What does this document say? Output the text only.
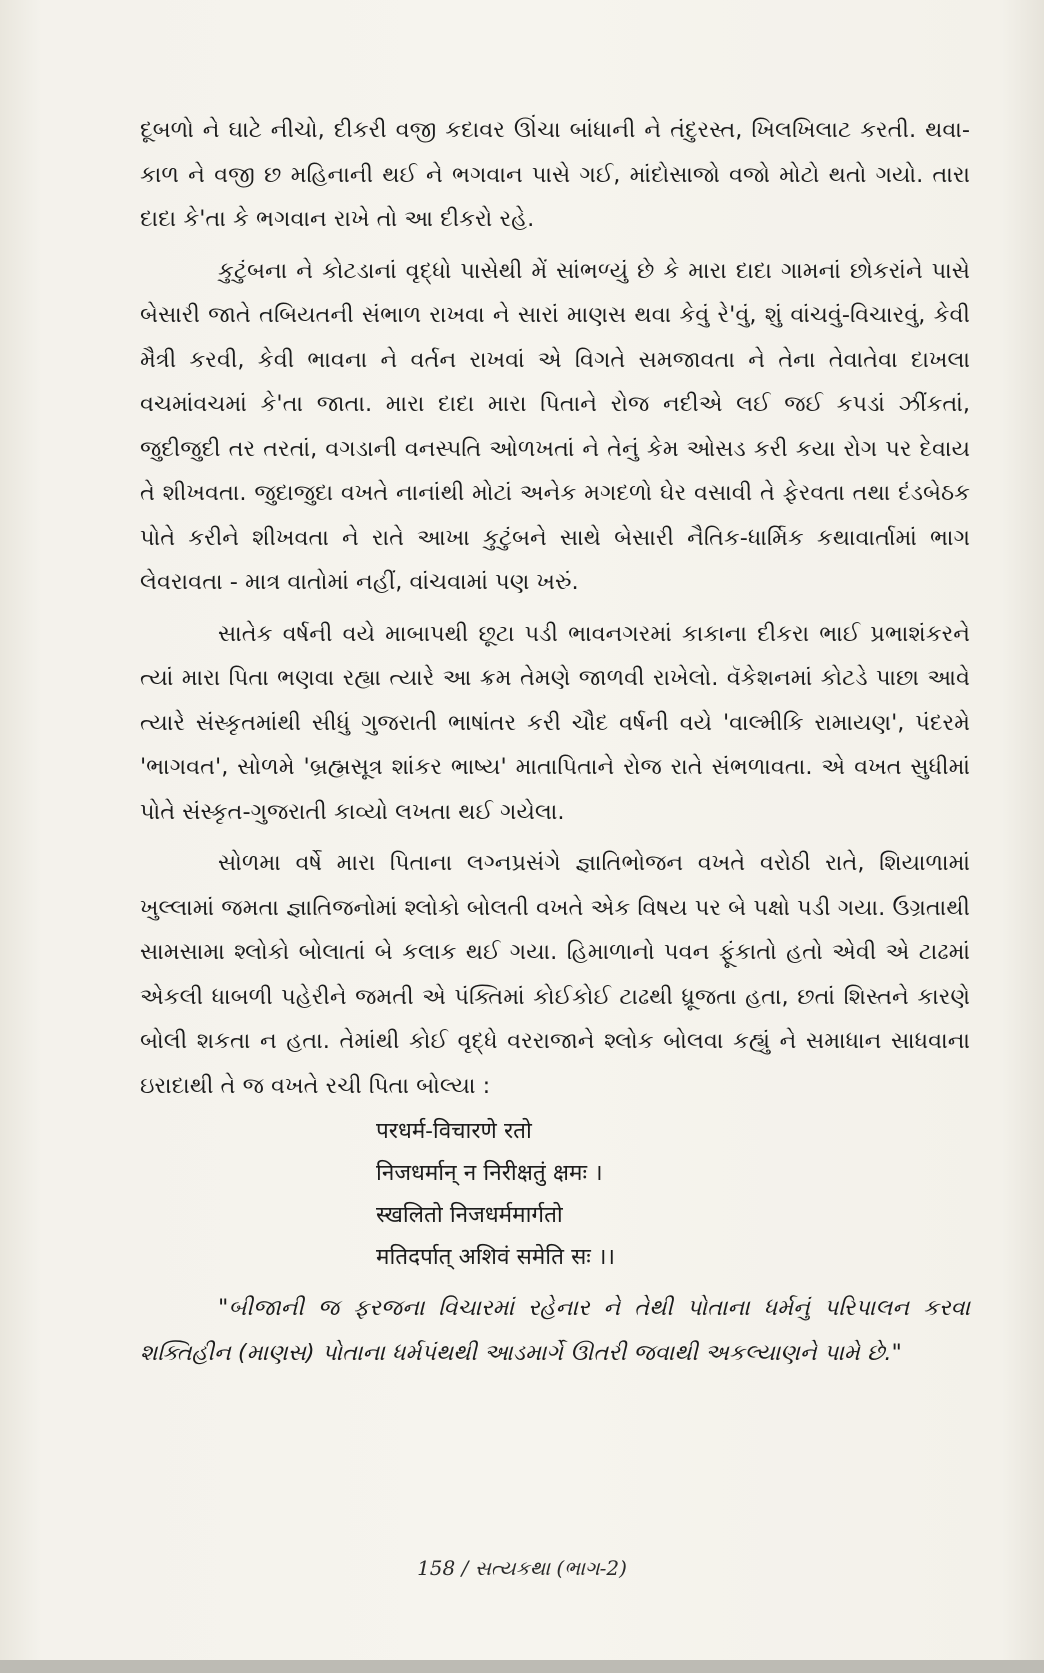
દૂબળો ને ઘાટે નીચો, દીકરી વજી કદાવર ઊંચા બાંધાની ને તંદુરસ્ત, ખિલખિલાટ કરતી. થવા-કાળ ને વજી છ મહિનાની થઈ ને ભગવાન પાસે ગઈ, માંદોસાજો વજો મોટો થતો ગયો. તારા દાદા કે'તા કે ભગવાન રાખે તો આ દીકરો રહે.

કુટુંબના ને કોટડાનાં વૃદ્ધો પાસેથી મેં સાંભળ્યું છે કે મારા દાદા ગામનાં છોકરાંને પાસે બેસારી જાતે તબિયતની સંભાળ રાખવા ને સારાં માણસ થવા કેવું રે'વું, શું વાંચવું-વિચારવું, કેવી મૈત્રી કરવી, કેવી ભાવના ને વર્તન રાખવાં એ વિગતે સમજાવતા ને તેના તેવાતેવા દાખલા વચમાંવચમાં કે'તા જાતા. મારા દાદા મારા પિતાને રોજ નદીએ લઈ જઈ કપડાં ઝીંકતાં, જુદીજુદી તર તરતાં, વગડાની વનસ્પતિ ઓળખતાં ને તેનું કેમ ઓસડ કરી કયા રોગ પર દેવાય તે શીખવતા. જુદાજુદા વખતે નાનાંથી મોટાં અનેક મગદળો ઘેર વસાવી તે ફેરવતા તથા દંડબેઠક પોતે કરીને શીખવતા ને રાતે આખા કુટુંબને સાથે બેસારી નૈતિક-ધાર્મિક કથાવાર્તામાં ભાગ લેવરાવતા - માત્ર વાતોમાં નહીં, વાંચવામાં પણ ખરું.

સાતેક વર્ષની વયે માબાપથી છૂટા પડી ભાવનગરમાં કાકાના દીકરા ભાઈ પ્રભાશંકરને ત્યાં મારા પિતા ભણવા રહ્યા ત્યારે આ ક્રમ તેમણે જાળવી રાખેલો. વૅકેશનમાં કોટડે પાછા આવે ત્યારે સંસ્કૃતમાંથી સીધું ગુજરાતી ભાષાંતર કરી ચૌદ વર્ષની વયે 'વાલ્મીકિ રામાયણ', પંદરમે 'ભાગવત', સોળમે 'બ્રહ્મસૂત્ર શાંકર ભાષ્ય' માતાપિતાને રોજ રાતે સંભળાવતા. એ વખત સુધીમાં પોતે સંસ્કૃત-ગુજરાતી કાવ્યો લખતા થઈ ગયેલા.

સોળમા વર્ષે મારા પિતાના લગ્નપ્રસંગે જ્ઞાતિભોજન વખતે વરોઠી રાતે, શિયાળામાં ખુલ્લામાં જમતા જ્ઞાતિજનોમાં શ્લોકો બોલતી વખતે એક વિષય પર બે પક્ષો પડી ગયા. ઉગ્રતાથી સામસામા શ્લોકો બોલાતાં બે કલાક થઈ ગયા. હિમાળાનો પવન ફૂંકાતો હતો એવી એ ટાઢમાં એકલી ધાબળી પહેરીને જમતી એ પંક્તિમાં કોઈકોઈ ટાઢથી ધ્રૂજતા હતા, છતાં શિસ્તને કારણે બોલી શકતા ન હતા. તેમાંથી કોઈ વૃદ્ધે વરરાજાને શ્લોક બોલવા કહ્યું ને સમાધાન સાધવાના ઇરાદાથી તે જ વખતે રચી પિતા બોલ્યા :

परधर्म-विचारणे रतो
निजधर्मान् न निरीक्षतुं क्षमः ।
स्खलितो निजधर्ममार्गतो
मतिदर्पात् अशिवं समेति सः ।।

"બીજાની જ ફરજના વિચારમાં રહેનાર ને તેથી પોતાના ધર્મનું પરિપાલન કરવા શક્તિહીન (માણસ) પોતાના ધર્મપંથથી આડમાર્ગે ઊતરી જવાથી અકલ્યાણને પામે છે."

158 / સત્યકથા (ભાગ-2)
